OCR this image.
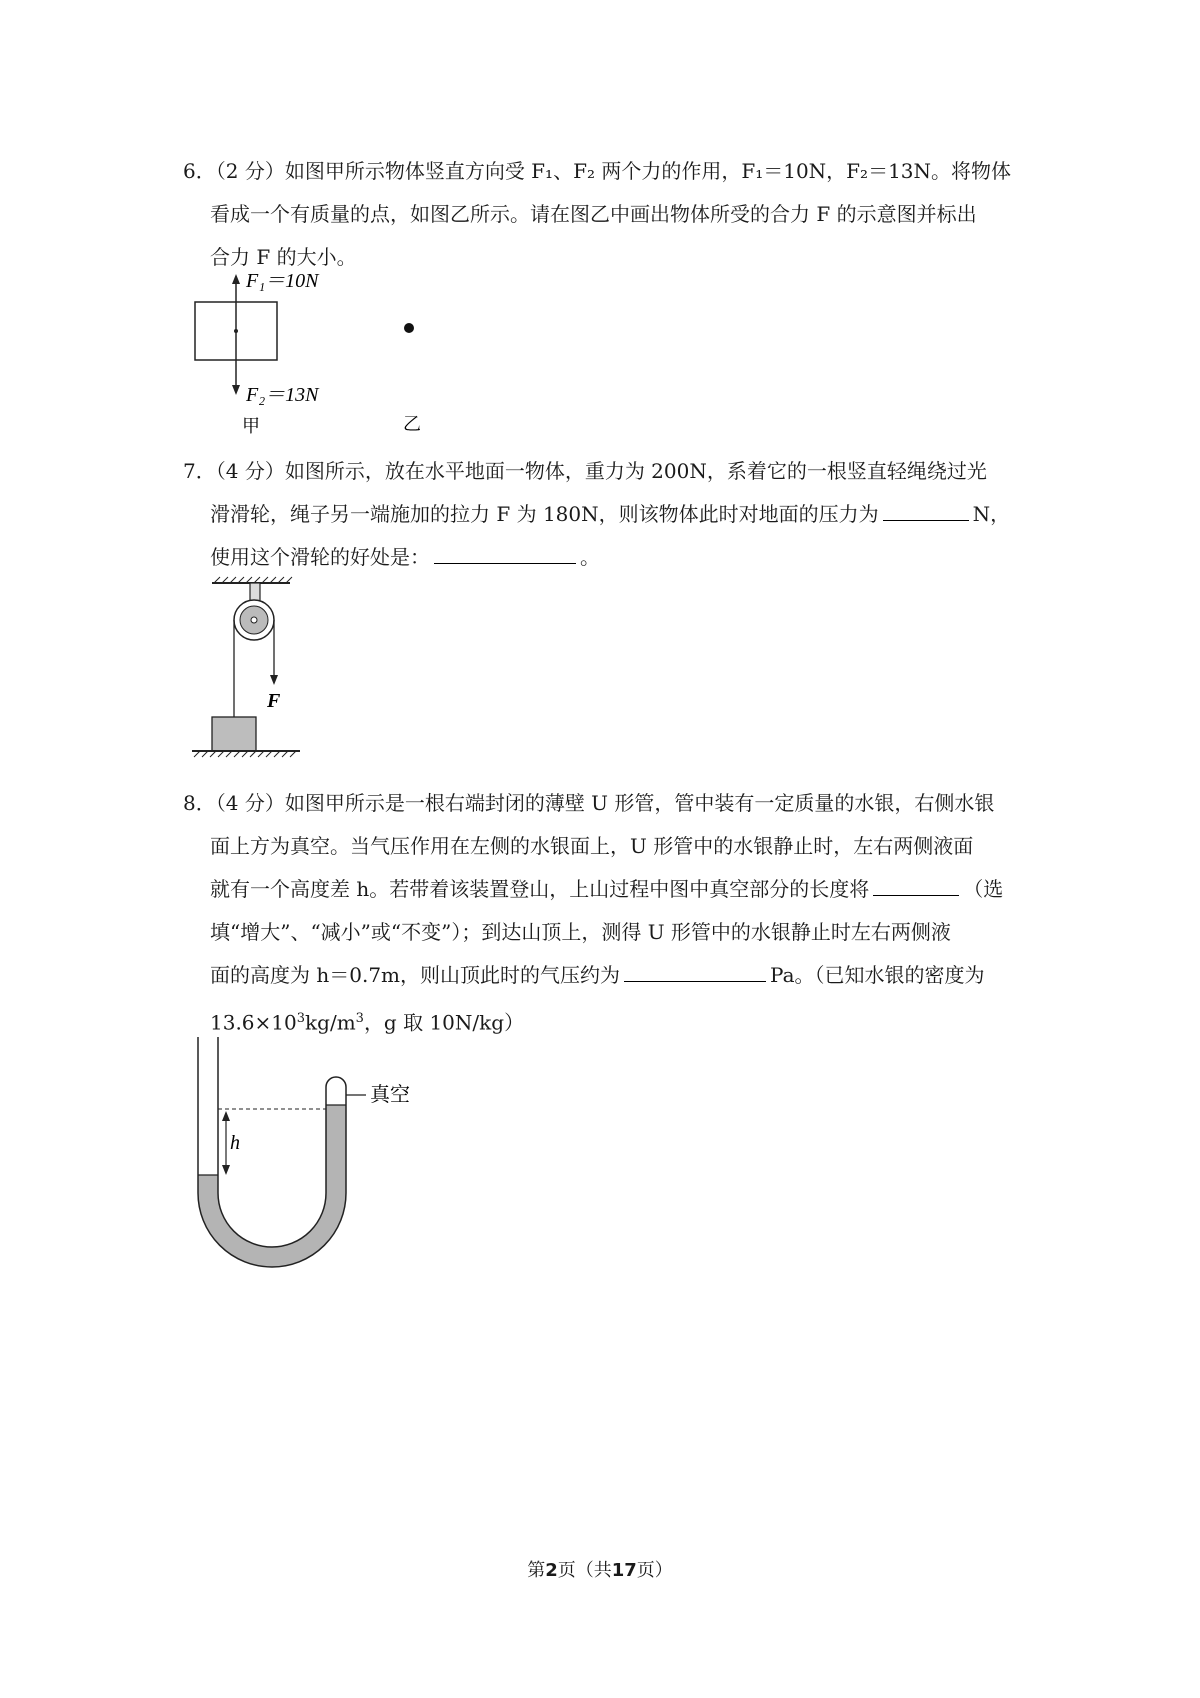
6．（2 分）如图甲所示物体竖直方向受 F₁、F₂ 两个力的作用，F₁＝10N，F₂＝13N。将物体

看成一个有质量的点，如图乙所示。请在图乙中画出物体所受的合力 F 的示意图并标出

合力 F 的大小。

F₁＝10N
F₂＝13N
甲	乙

7．（4 分）如图所示，放在水平地面一物体，重力为 200N，系着它的一根竖直轻绳绕过光

滑滑轮，绳子另一端施加的拉力 F 为 180N，则该物体此时对地面的压力为	N，

使用这个滑轮的好处是：	。

F

8．（4 分）如图甲所示是一根右端封闭的薄壁 U 形管，管中装有一定质量的水银，右侧水银

面上方为真空。当气压作用在左侧的水银面上，U 形管中的水银静止时，左右两侧液面

就有一个高度差 h。若带着该装置登山，上山过程中图中真空部分的长度将	（选

填“增大”、“减小”或“不变”）；到达山顶上，测得 U 形管中的水银静止时左右两侧液

面的高度为 h＝0.7m，则山顶此时的气压约为	Pa。（已知水银的密度为

$13.6\times 10^3kg/m^3$，g 取 10N/kg）

h
真空
第2页（共17页）
